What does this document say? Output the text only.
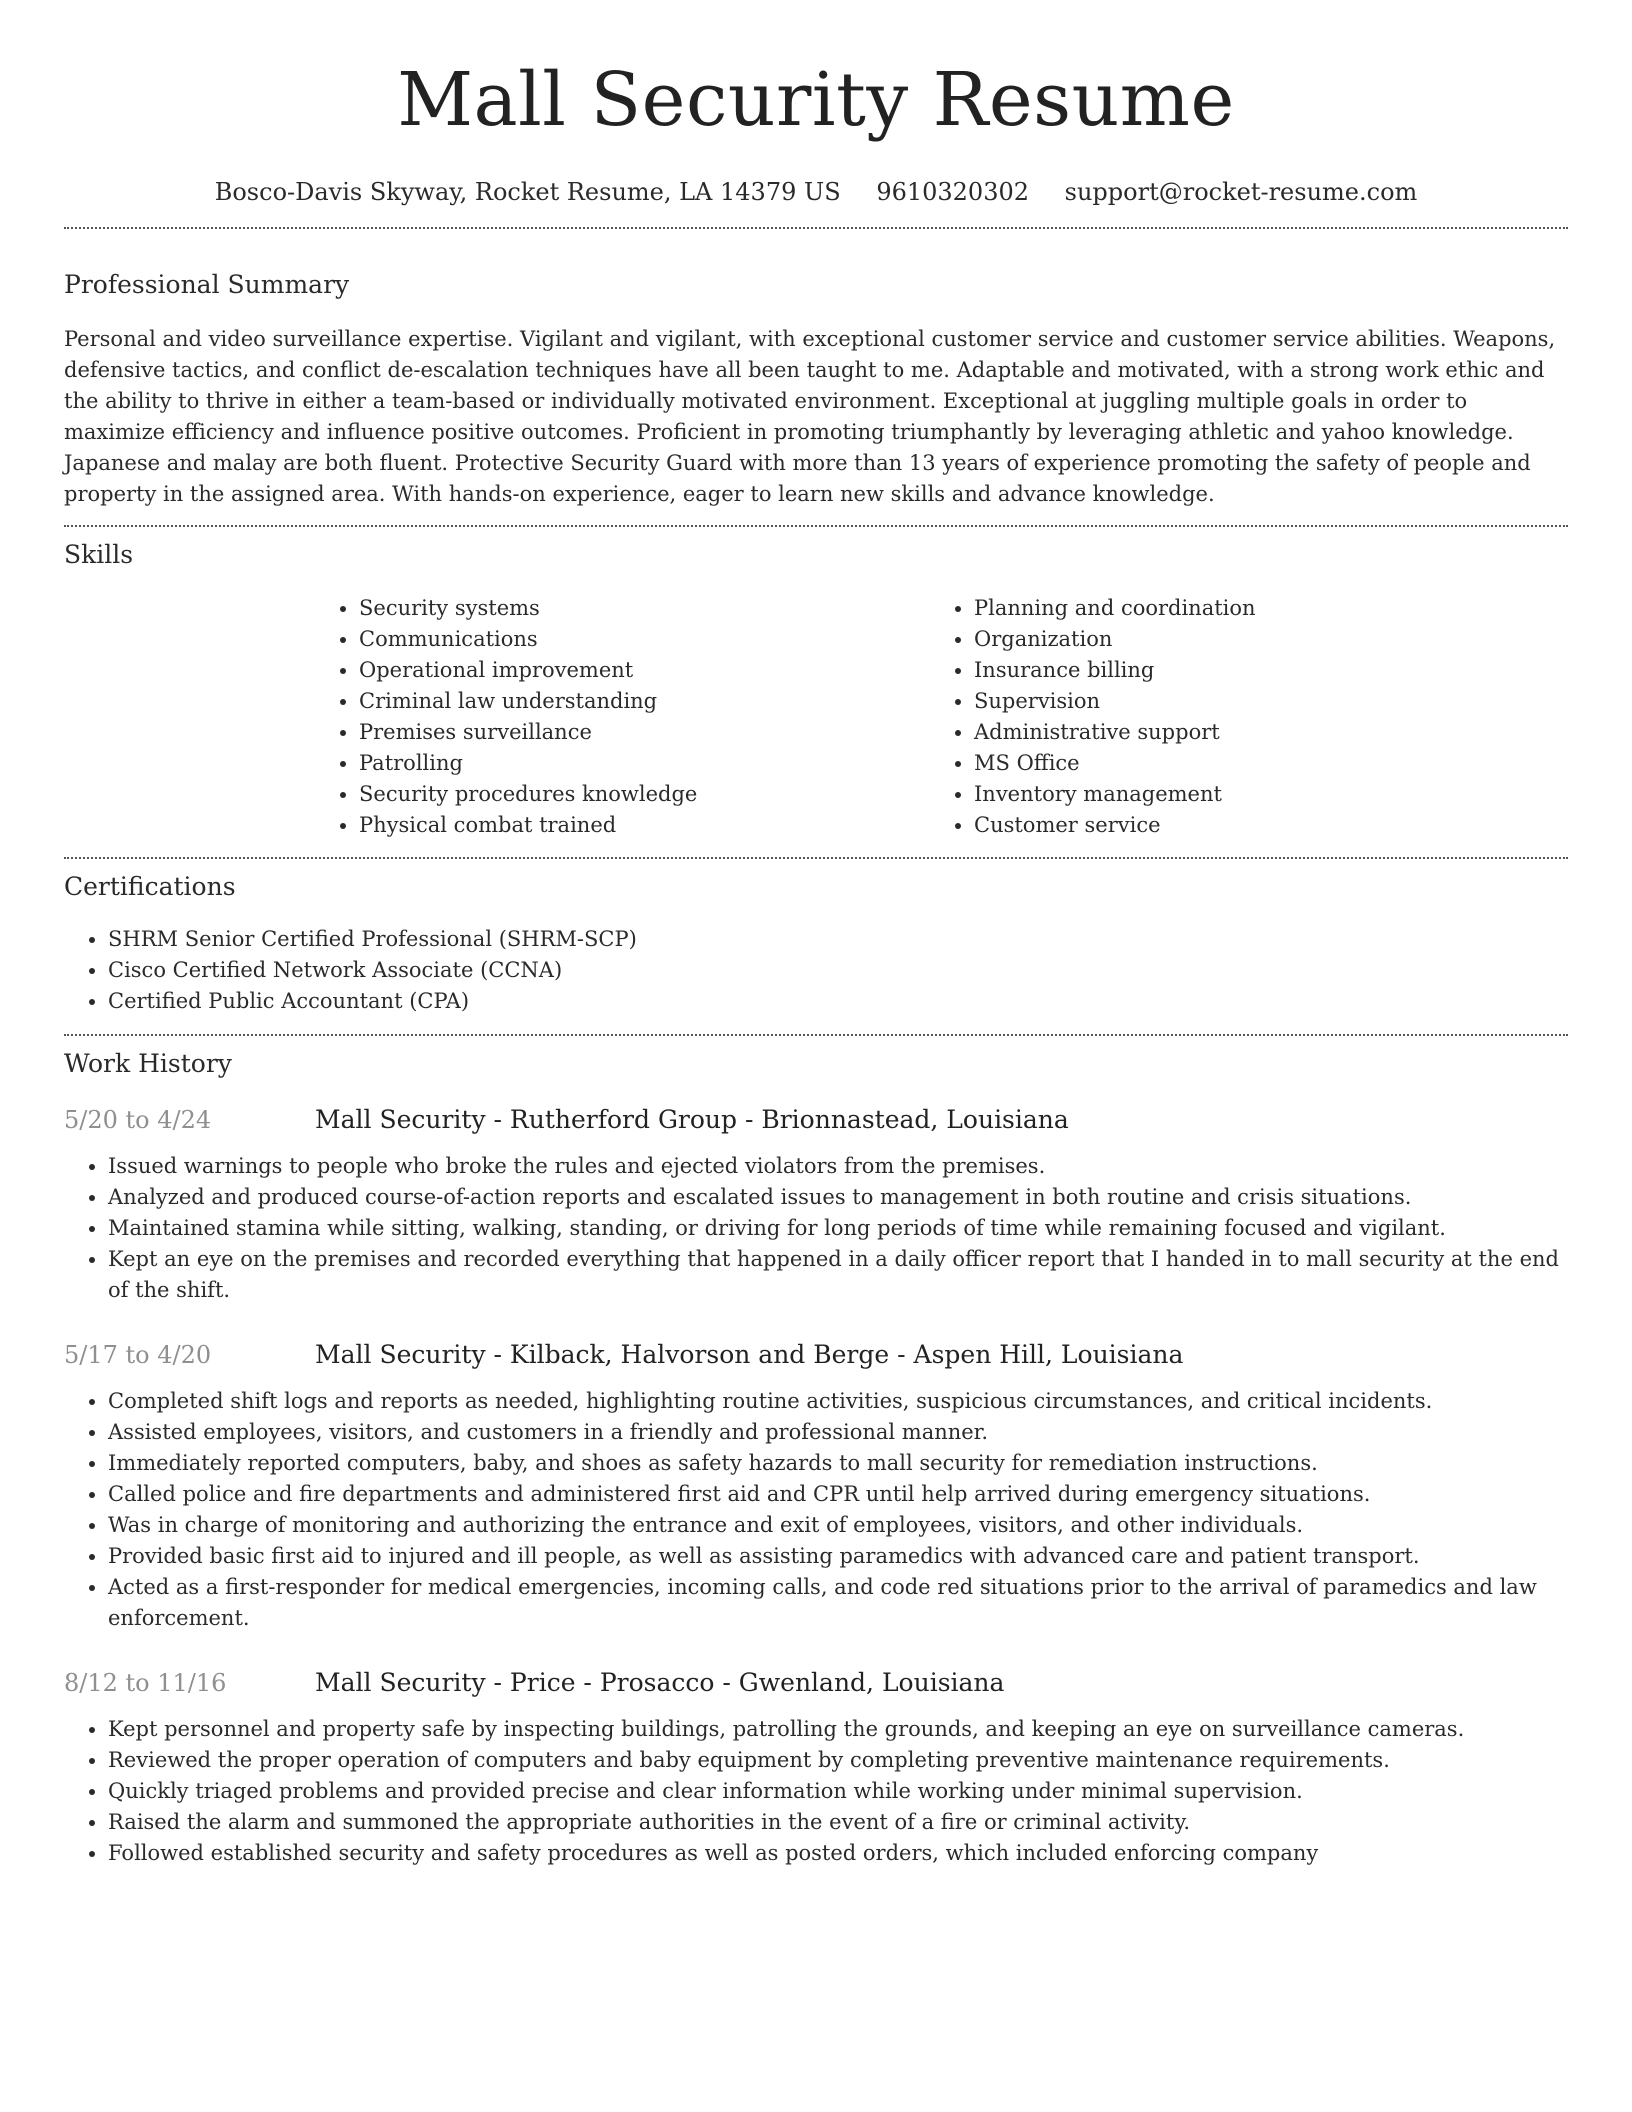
Mall Security Resume
Bosco-Davis Skyway, Rocket Resume, LA 14379 US 9610320302 support@rocket-resume.com
Professional Summary

Personal and video surveillance expertise. Vigilant and vigilant, with exceptional customer service and customer service abilities. Weapons, defensive tactics, and conflict de-escalation techniques have all been taught to me. Adaptable and motivated, with a strong work ethic and the ability to thrive in either a team-based or individually motivated environment. Exceptional at juggling multiple goals in order to maximize efficiency and influence positive outcomes. Proficient in promoting triumphantly by leveraging athletic and yahoo knowledge. Japanese and malay are both fluent. Protective Security Guard with more than 13 years of experience promoting the safety of people and property in the assigned area. With hands-on experience, eager to learn new skills and advance knowledge.

Skills
• Security systems
• Communications
• Operational improvement
• Criminal law understanding
• Premises surveillance
• Patrolling
• Security procedures knowledge
• Physical combat trained
• Planning and coordination
• Organization
• Insurance billing
• Supervision
• Administrative support
• MS Office
• Inventory management
• Customer service
Certifications
• SHRM Senior Certified Professional (SHRM-SCP)
• Cisco Certified Network Associate (CCNA)
• Certified Public Accountant (CPA)
Work History
5/20 to 4/24	Mall Security - Rutherford Group - Brionnastead, Louisiana
• Issued warnings to people who broke the rules and ejected violators from the premises.
• Analyzed and produced course-of-action reports and escalated issues to management in both routine and crisis situations.
• Maintained stamina while sitting, walking, standing, or driving for long periods of time while remaining focused and vigilant.
• Kept an eye on the premises and recorded everything that happened in a daily officer report that I handed in to mall security at the end of the shift.
5/17 to 4/20	Mall Security - Kilback, Halvorson and Berge - Aspen Hill, Louisiana
• Completed shift logs and reports as needed, highlighting routine activities, suspicious circumstances, and critical incidents.
• Assisted employees, visitors, and customers in a friendly and professional manner.
• Immediately reported computers, baby, and shoes as safety hazards to mall security for remediation instructions.
• Called police and fire departments and administered first aid and CPR until help arrived during emergency situations.
• Was in charge of monitoring and authorizing the entrance and exit of employees, visitors, and other individuals.
• Provided basic first aid to injured and ill people, as well as assisting paramedics with advanced care and patient transport.
• Acted as a first-responder for medical emergencies, incoming calls, and code red situations prior to the arrival of paramedics and law enforcement.
8/12 to 11/16	Mall Security - Price - Prosacco - Gwenland, Louisiana
• Kept personnel and property safe by inspecting buildings, patrolling the grounds, and keeping an eye on surveillance cameras.
• Reviewed the proper operation of computers and baby equipment by completing preventive maintenance requirements.
• Quickly triaged problems and provided precise and clear information while working under minimal supervision.
• Raised the alarm and summoned the appropriate authorities in the event of a fire or criminal activity.
• Followed established security and safety procedures as well as posted orders, which included enforcing company
